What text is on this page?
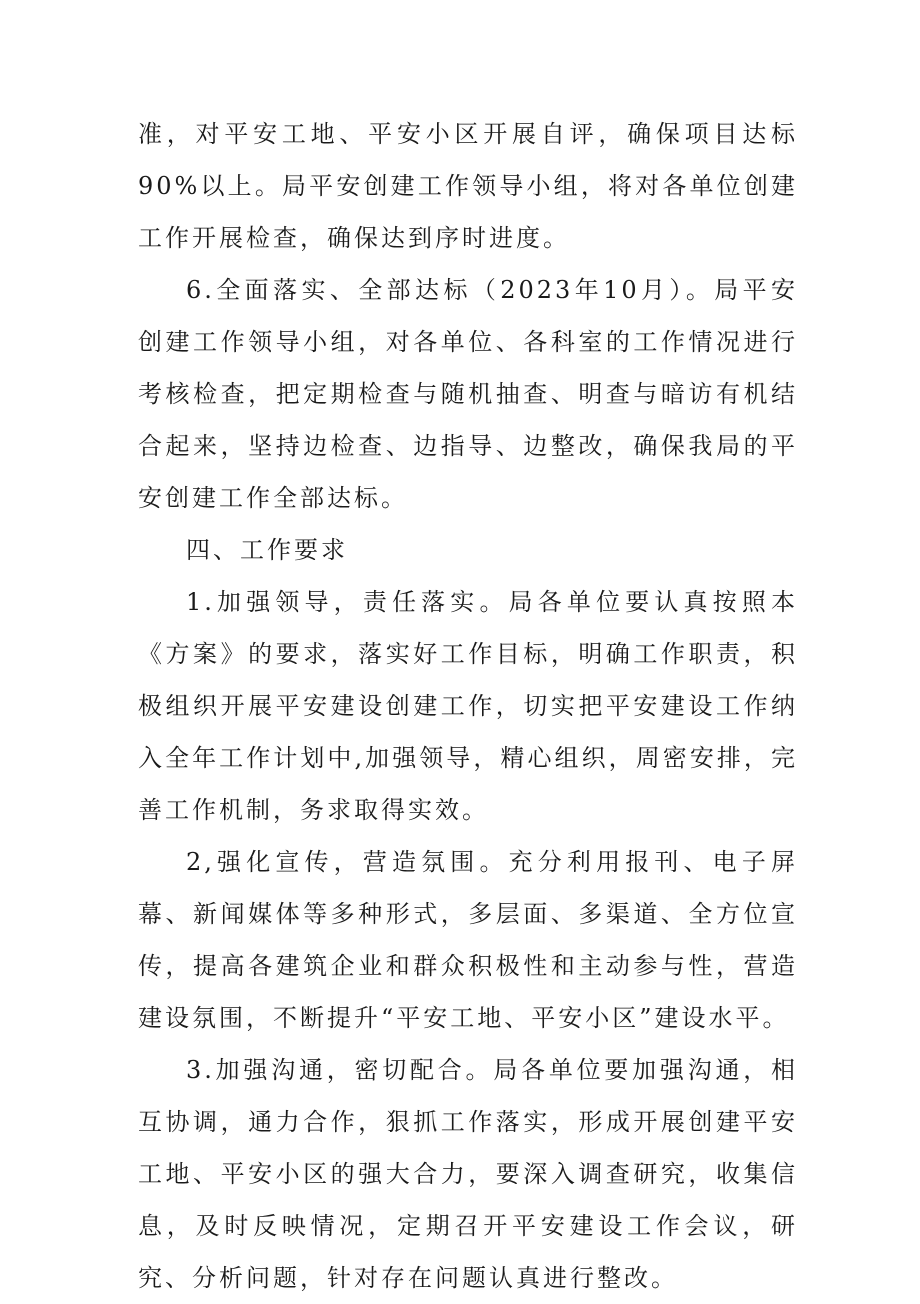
准，对平安工地、平安小区开展自评，确保项目达标90%以上。局平安创建工作领导小组，将对各单位创建工作开展检查，确保达到序时进度。

6.全面落实、全部达标（2023年10月）。局平安创建工作领导小组，对各单位、各科室的工作情况进行考核检查，把定期检查与随机抽查、明查与暗访有机结合起来，坚持边检查、边指导、边整改，确保我局的平安创建工作全部达标。

四、工作要求

1.加强领导，责任落实。局各单位要认真按照本《方案》的要求，落实好工作目标，明确工作职责，积极组织开展平安建设创建工作，切实把平安建设工作纳入全年工作计划中,加强领导，精心组织，周密安排，完善工作机制，务求取得实效。

2,强化宣传，营造氛围。充分利用报刊、电子屏幕、新闻媒体等多种形式，多层面、多渠道、全方位宣传，提高各建筑企业和群众积极性和主动参与性，营造建设氛围，不断提升“平安工地、平安小区”建设水平。

3.加强沟通，密切配合。局各单位要加强沟通，相互协调，通力合作，狠抓工作落实，形成开展创建平安工地、平安小区的强大合力，要深入调查研究，收集信息，及时反映情况，定期召开平安建设工作会议，研究、分析问题，针对存在问题认真进行整改。
